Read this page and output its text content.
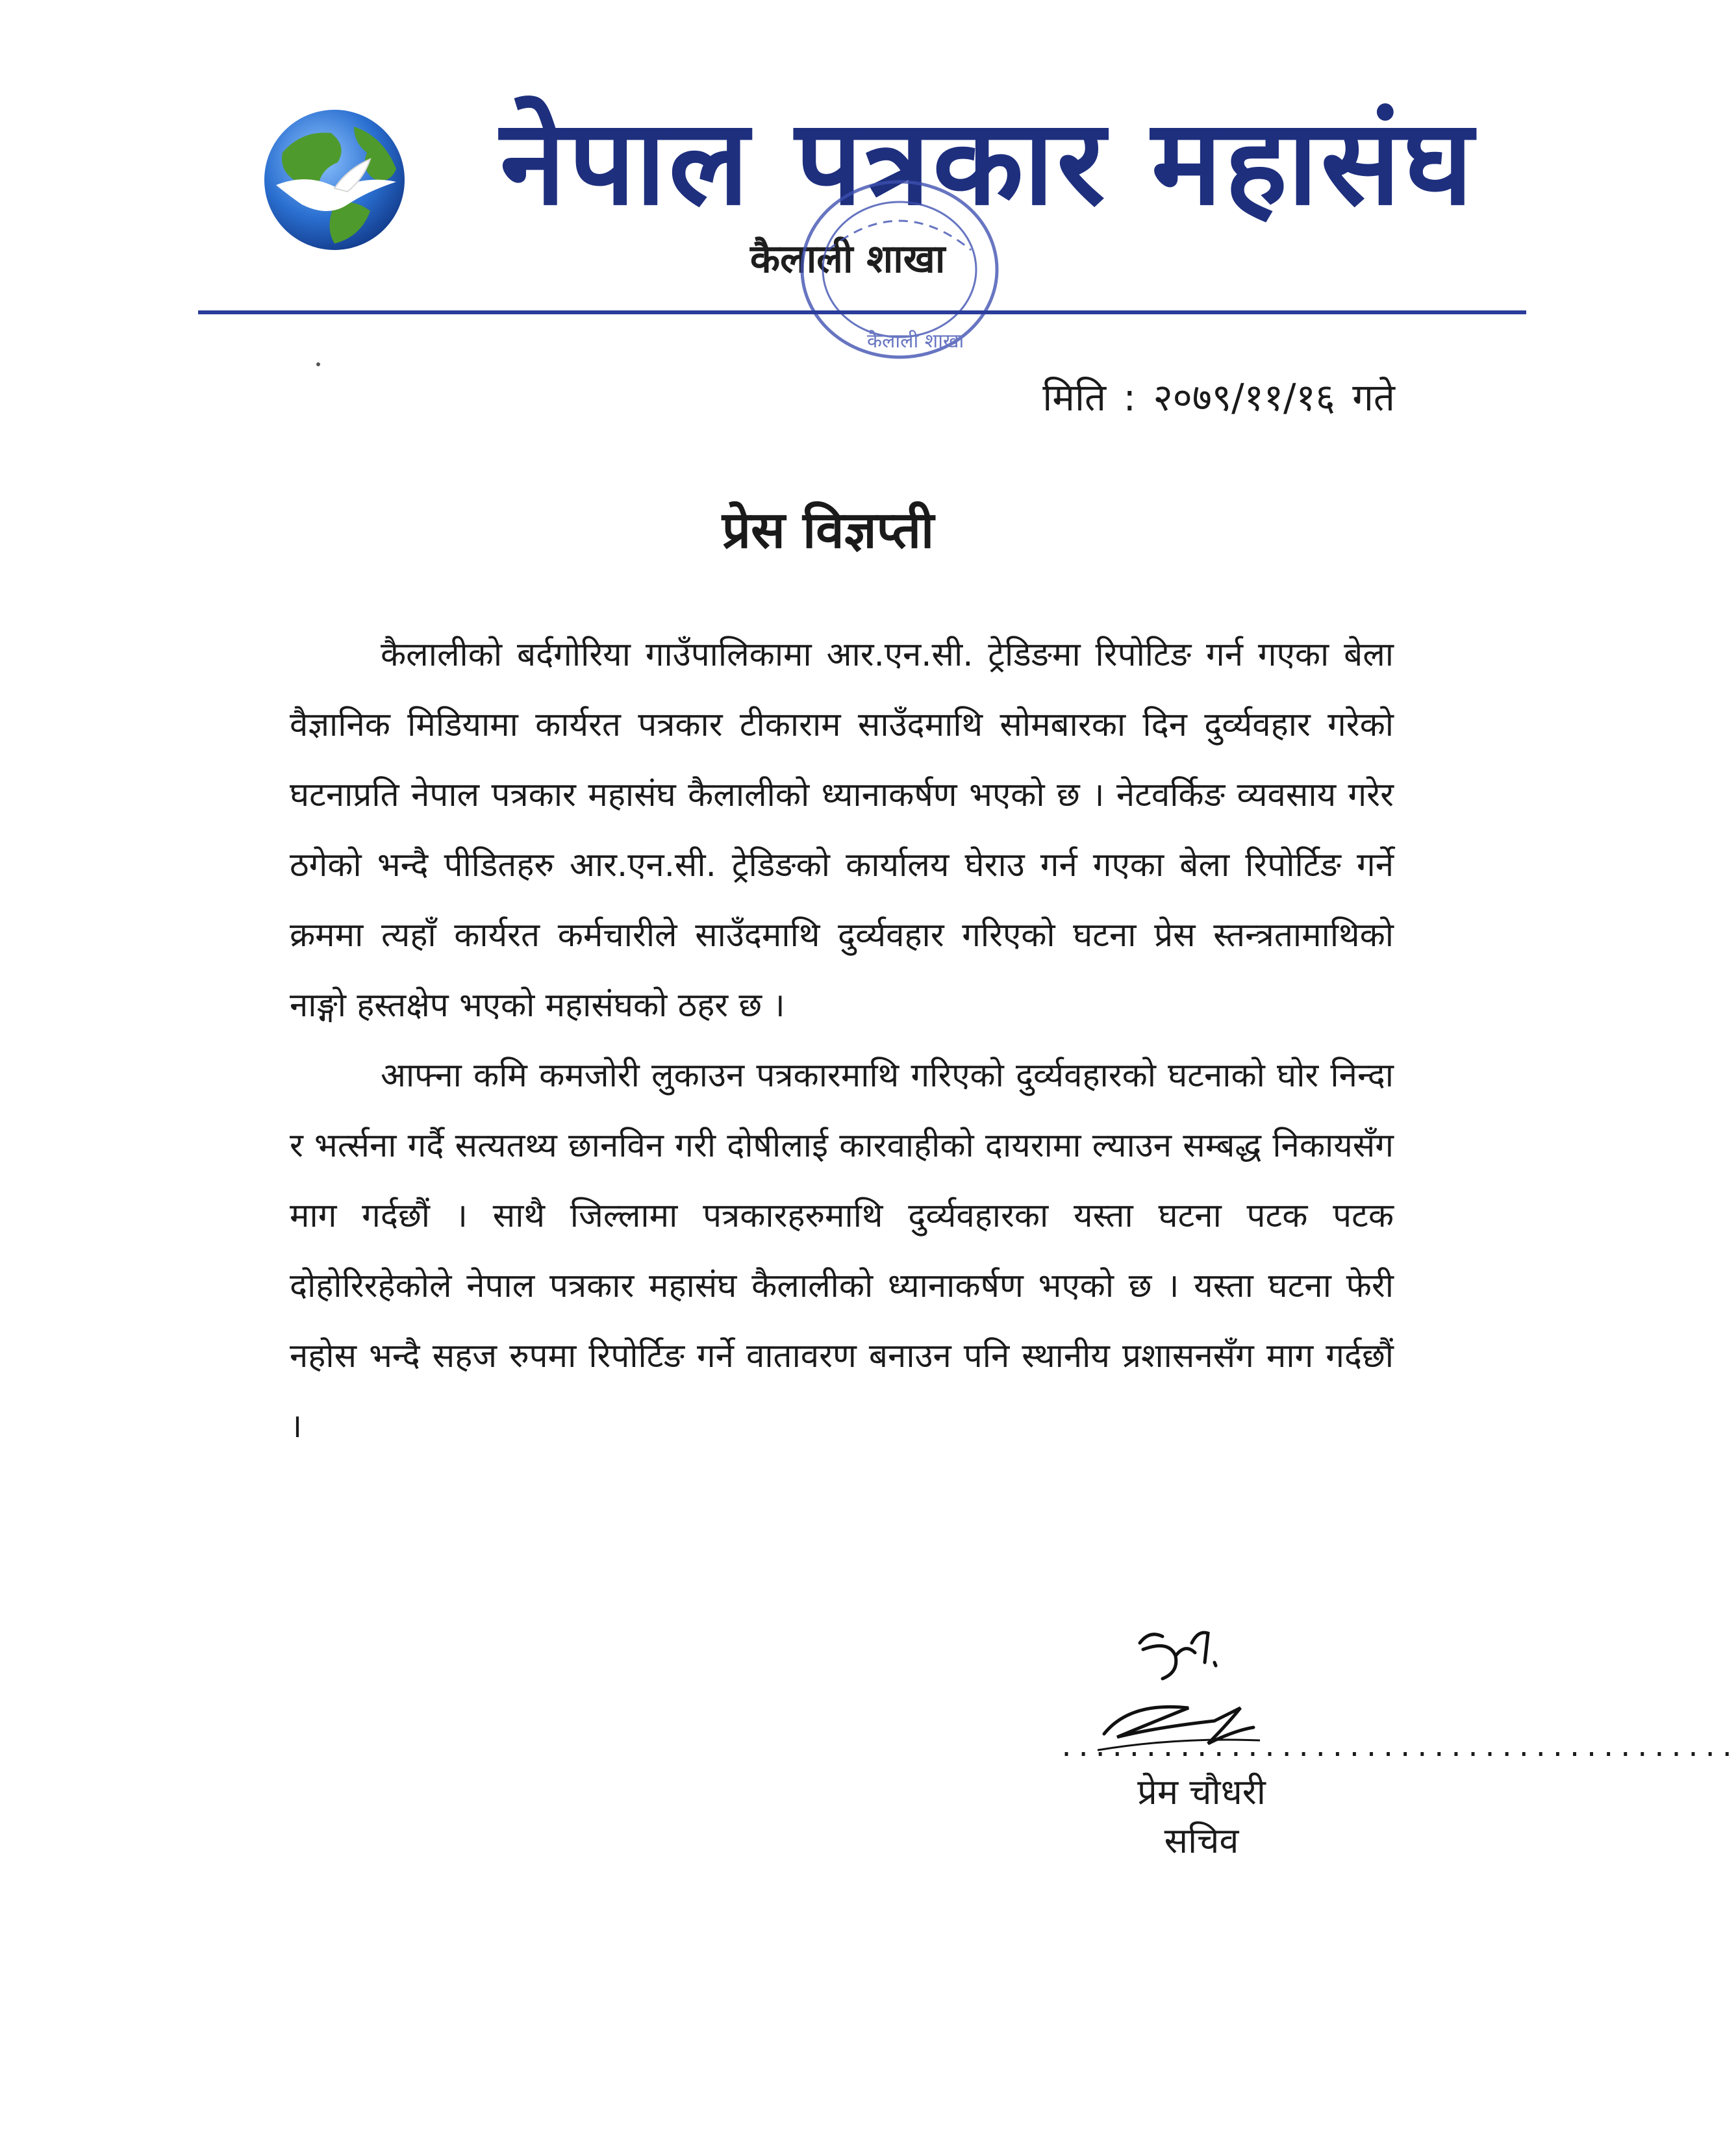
नेपाल पत्रकार महासंघ
कैलाली शाखा
कैलाली शाखा
मिति : २०७९/११/१६ गते
प्रेस विज्ञप्ती

कैलालीको बर्दगोरिया गाउँपालिकामा आर.एन.सी. ट्रेडिङमा रिपोटिङ गर्न गएका बेला वैज्ञानिक मिडियामा कार्यरत पत्रकार टीकाराम साउँदमाथि सोमबारका दिन दुर्व्यवहार गरेको घटनाप्रति नेपाल पत्रकार महासंघ कैलालीको ध्यानाकर्षण भएको छ । नेटवर्किङ व्यवसाय गरेर ठगेको भन्दै पीडितहरु आर.एन.सी. ट्रेडिङको कार्यालय घेराउ गर्न गएका बेला रिपोर्टिङ गर्ने क्रममा त्यहाँ कार्यरत कर्मचारीले साउँदमाथि दुर्व्यवहार गरिएको घटना प्रेस स्तन्त्रतामाथिको नाङ्गो हस्तक्षेप भएको महासंघको ठहर छ ।

आफ्ना कमि कमजोरी लुकाउन पत्रकारमाथि गरिएको दुर्व्यवहारको घटनाको घोर निन्दा र भर्त्सना गर्दै सत्यतथ्य छानविन गरी दोषीलाई कारवाहीको दायरामा ल्याउन सम्बद्ध निकायसँग माग गर्दछौं । साथै जिल्लामा पत्रकारहरुमाथि दुर्व्यवहारका यस्ता घटना पटक पटक दोहोरिरहेकोले नेपाल पत्रकार महासंघ कैलालीको ध्यानाकर्षण भएको छ । यस्ता घटना फेरी नहोस भन्दै सहज रुपमा रिपोर्टिङ गर्ने वातावरण बनाउन पनि स्थानीय प्रशासनसँग माग गर्दछौं ।

........................................
प्रेम चौधरी
सचिव
